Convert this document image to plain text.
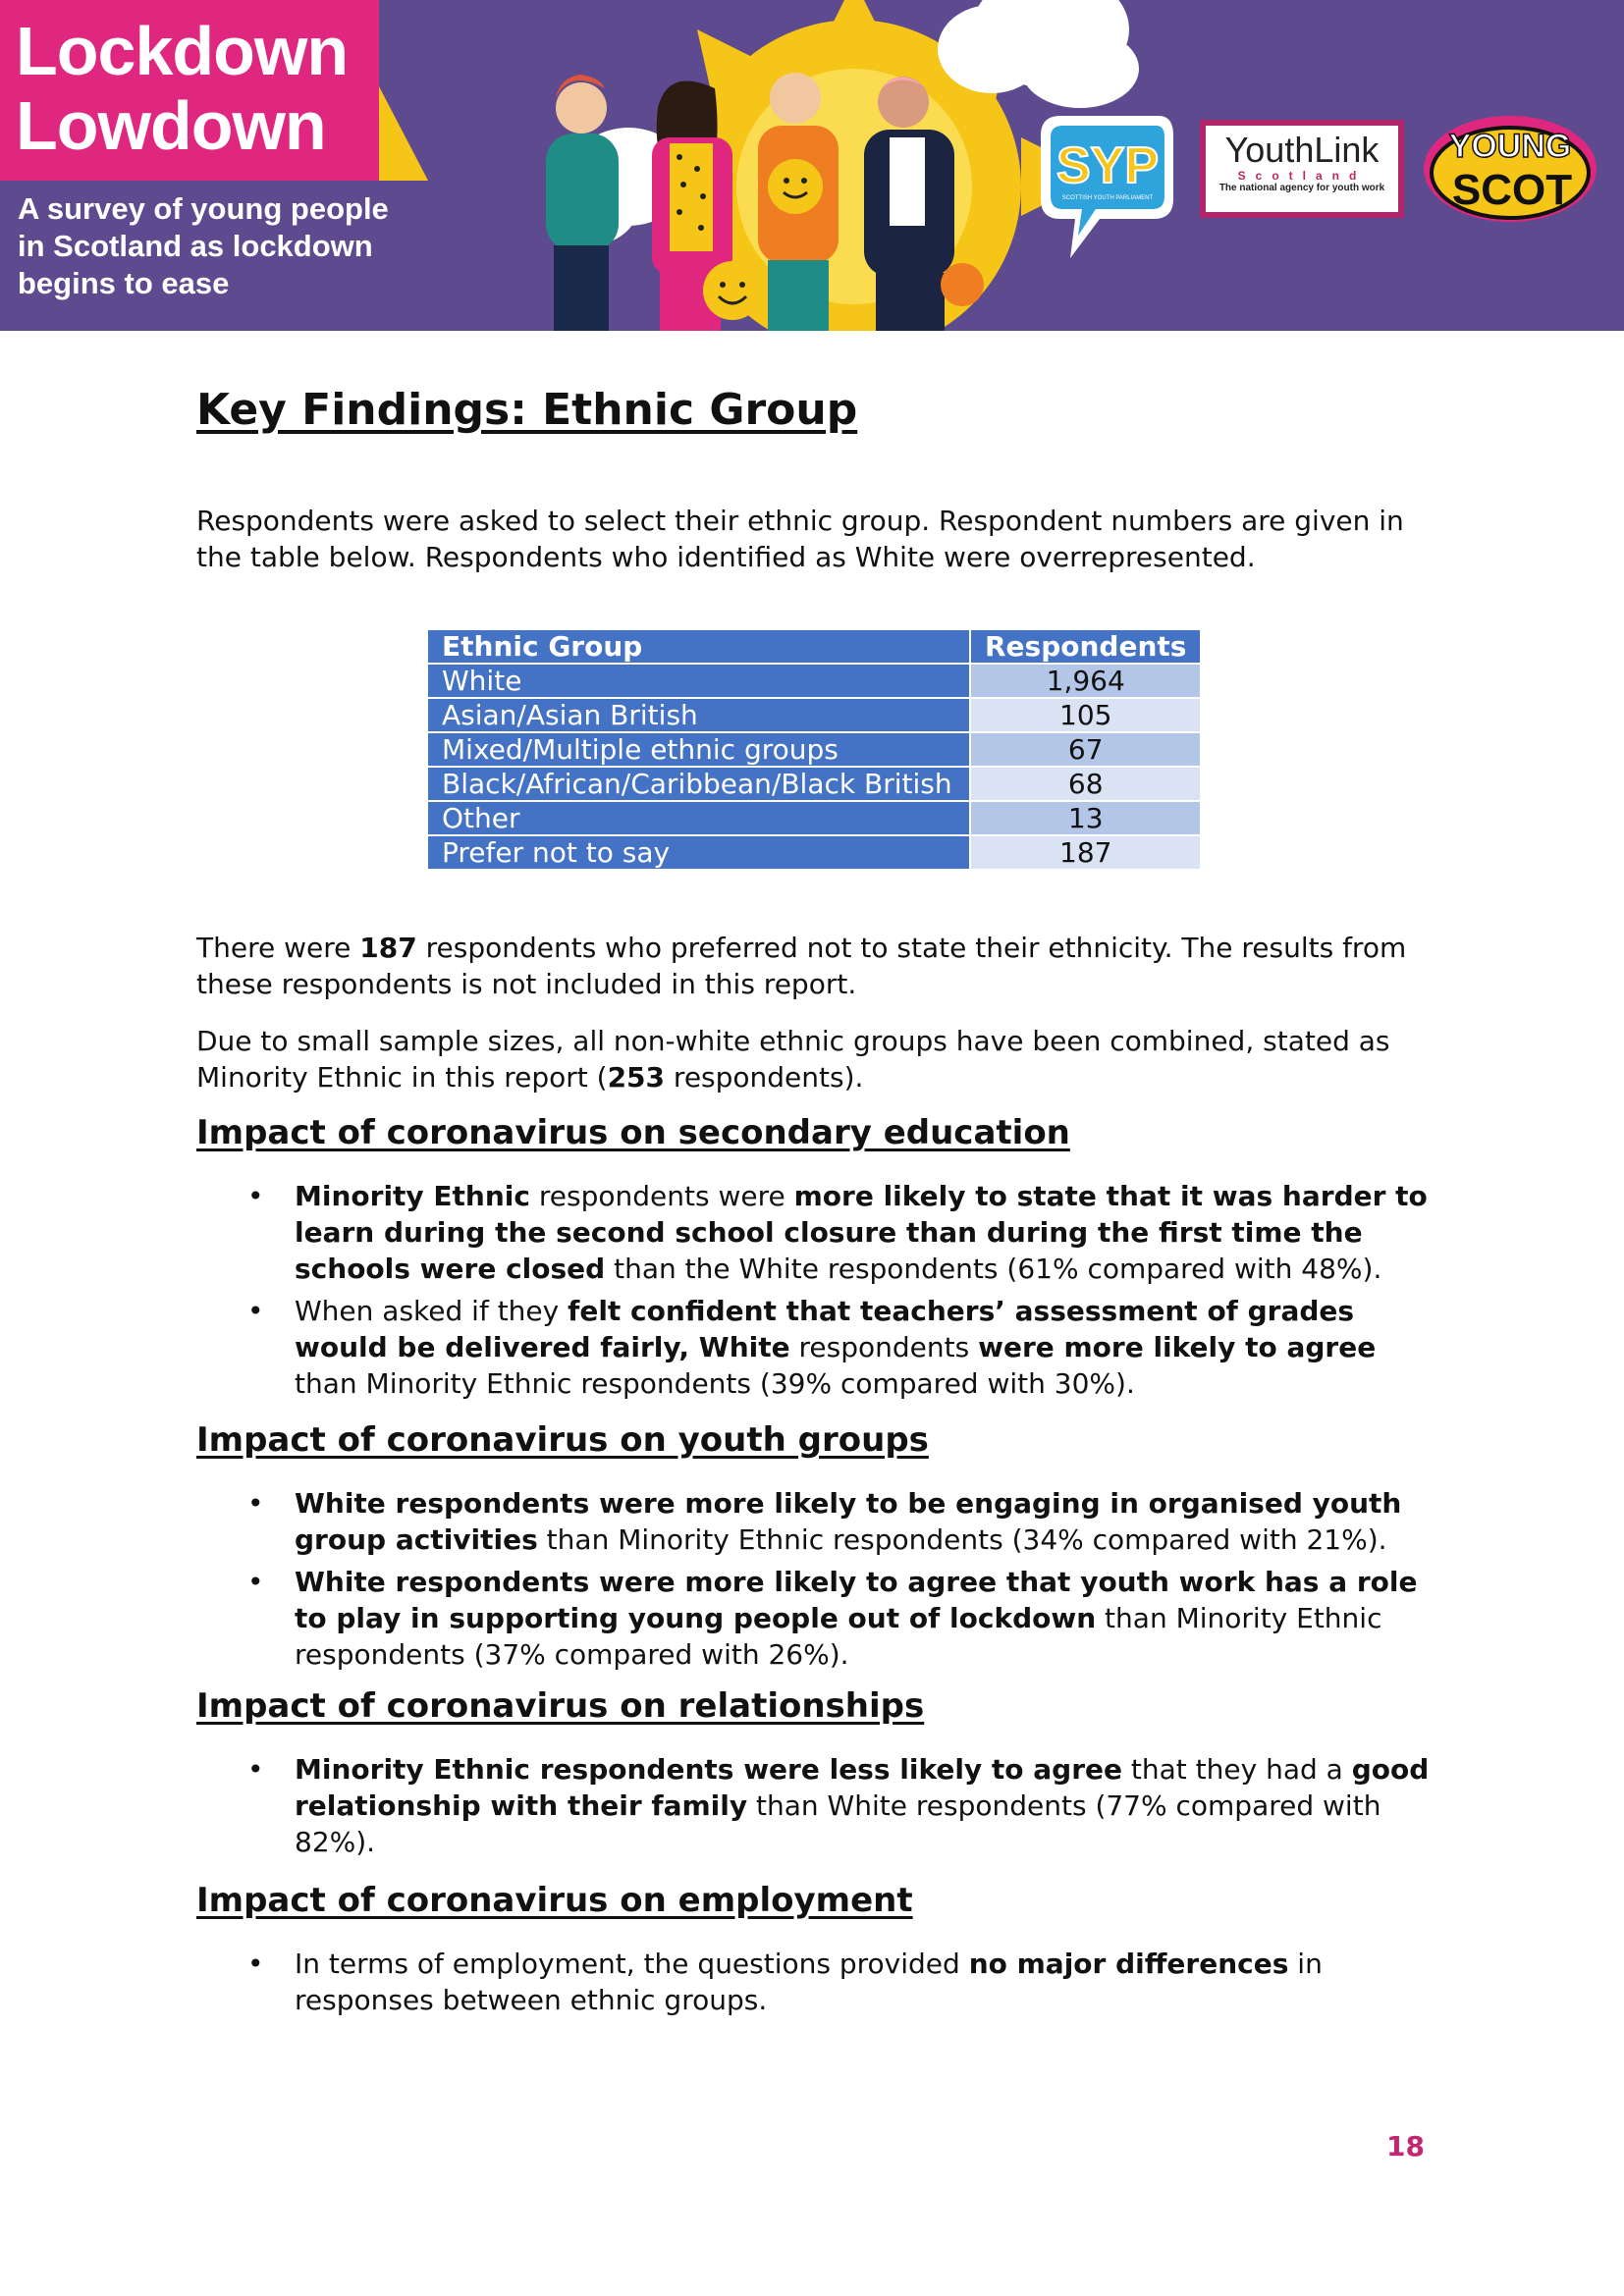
Lockdown
Lowdown
A survey of young people
in Scotland as lockdown
begins to ease
SYP
SCOTTISH YOUTH PARLIAMENT
YouthLink
Scotland
The national agency for youth work
YOUNG
SCOT
Key Findings: Ethnic Group

Respondents were asked to select their ethnic group. Respondent numbers are given in the table below. Respondents who identified as White were overrepresented.

Ethnic Group	Respondents
White	1,964
Asian/Asian British	105
Mixed/Multiple ethnic groups	67
Black/African/Caribbean/Black British	68
Other	13
Prefer not to say	187

There were 187 respondents who preferred not to state their ethnicity. The results from these respondents is not included in this report.

Due to small sample sizes, all non-white ethnic groups have been combined, stated as Minority Ethnic in this report (253 respondents).

Impact of coronavirus on secondary education
• Minority Ethnic respondents were more likely to state that it was harder to learn during the second school closure than during the first time the schools were closed than the White respondents (61% compared with 48%).
• When asked if they felt confident that teachers’ assessment of grades would be delivered fairly, White respondents were more likely to agree than Minority Ethnic respondents (39% compared with 30%).
Impact of coronavirus on youth groups
• White respondents were more likely to be engaging in organised youth group activities than Minority Ethnic respondents (34% compared with 21%).
• White respondents were more likely to agree that youth work has a role to play in supporting young people out of lockdown than Minority Ethnic respondents (37% compared with 26%).
Impact of coronavirus on relationships
• Minority Ethnic respondents were less likely to agree that they had a good relationship with their family than White respondents (77% compared with 82%).
Impact of coronavirus on employment
• In terms of employment, the questions provided no major differences in responses between ethnic groups.
18
